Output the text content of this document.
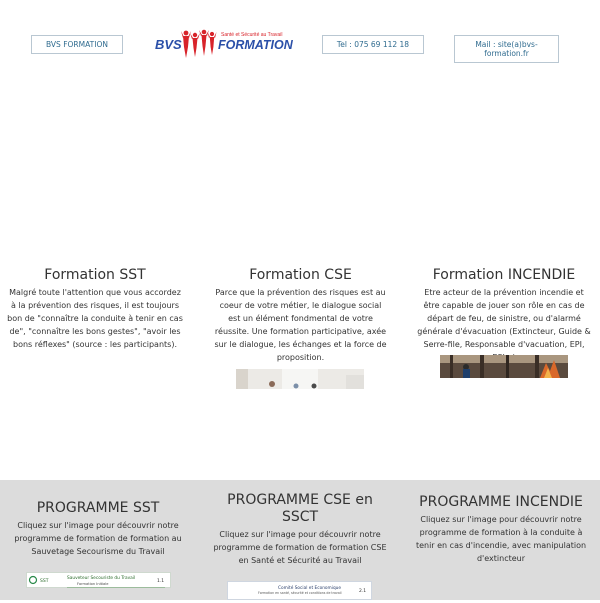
BVS FORMATION	BVS
Santé et Sécurité au Travail
FORMATION	Tel : 075 69 112 18	Mail : site(a)bvs-formation.fr
Formation SST

Malgré toute l'attention que vous accordez à la prévention des risques, il est toujours bon de "connaître la conduite à tenir en cas de", "connaître les bons gestes", "avoir les bons réflexes" (source : les participants).

Formation CSE

Parce que la prévention des risques est au coeur de votre métier, le dialogue social est un élément fondmental de votre réussite. Une formation participative, axée sur le dialogue, les échanges et la force de proposition.

Formation INCENDIE

Etre acteur de la prévention incendie et être capable de jouer son rôle en cas de départ de feu, de sinistre, ou d'alarmé générale d'évacuation (Extincteur, Guide & Serre-file, Responsable d'vacuation, EPI,

PROGRAMME SST

Cliquez sur l'image pour découvrir notre programme de formation de formation au Sauvetage Secourisme du Travail

SST
Sauveteur Secouriste du Travail
Formation Initiale	1.1
PROGRAMME CSE en SSCT

Cliquez sur l'image pour découvrir notre programme de formation de formation CSE en Santé et Sécurité au Travail

Comité Social et Economique
Formation en santé, sécurité et conditions de travail	2.1
PROGRAMME INCENDIE

Cliquez sur l'image pour découvrir notre programme de formation à la conduite à tenir en cas d'incendie, avec manipulation d'extincteur
